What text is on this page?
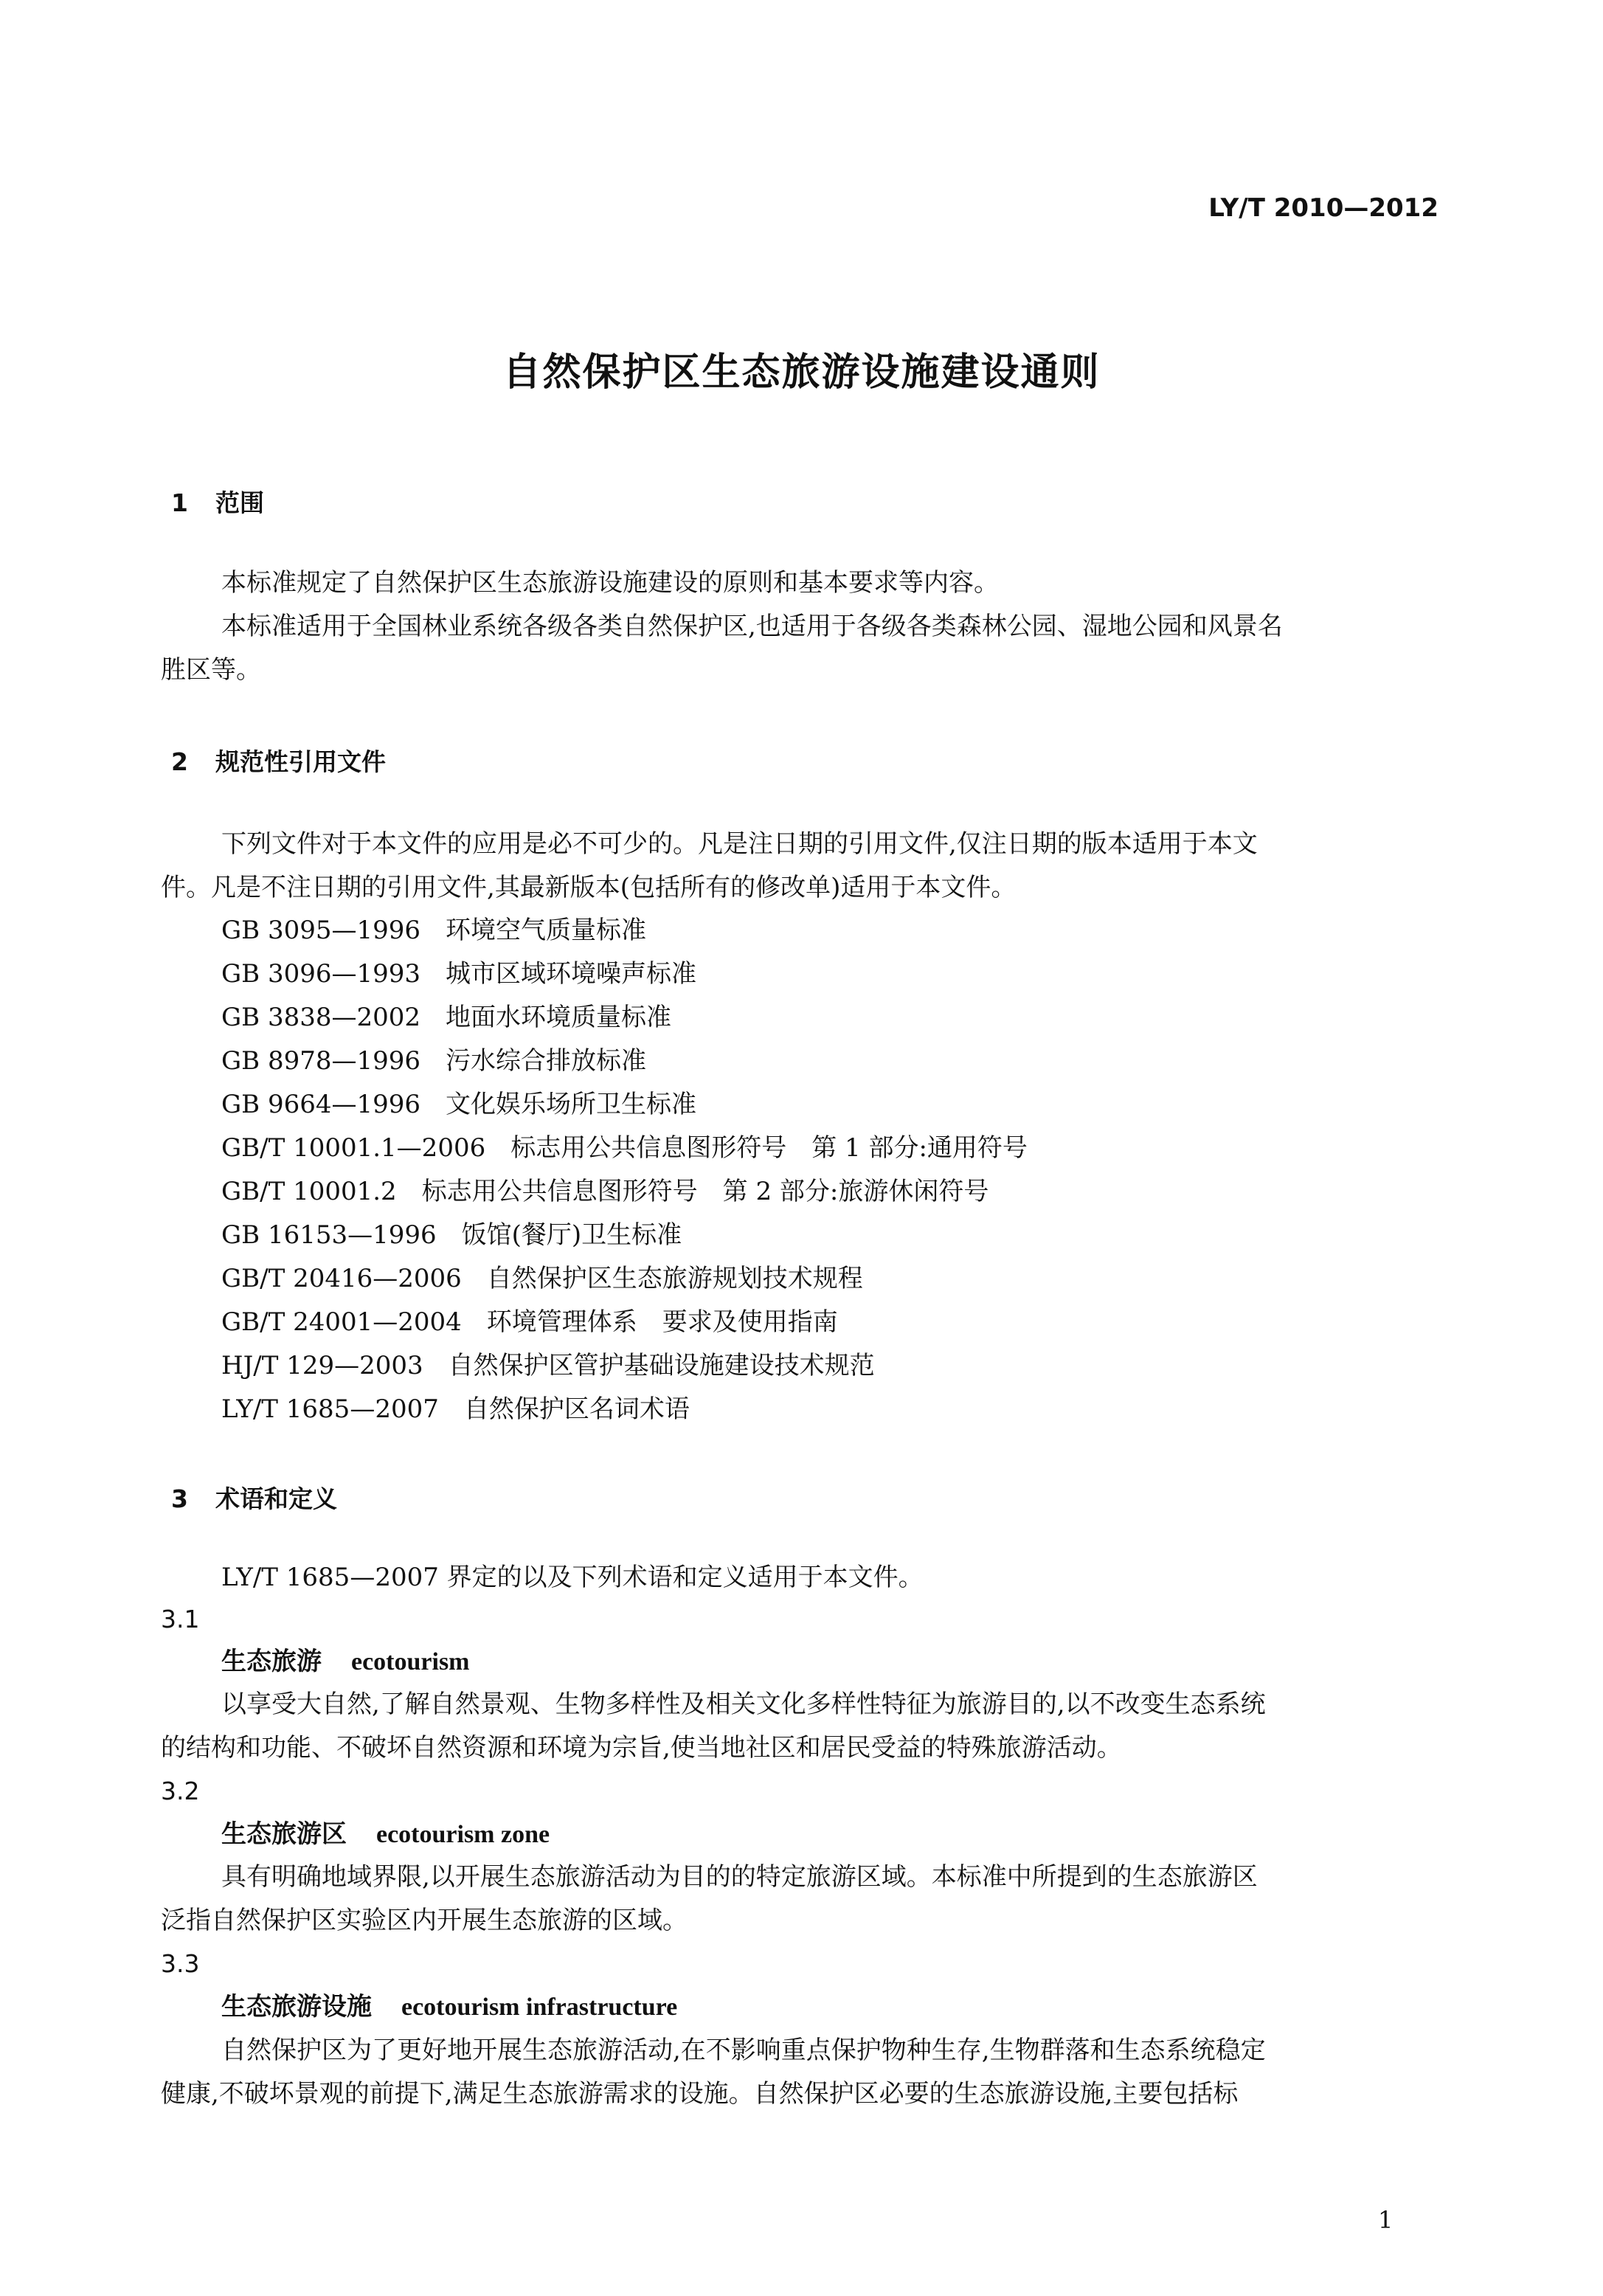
LY/T 2010—2012
自然保护区生态旅游设施建设通则
1 范围
本标准规定了自然保护区生态旅游设施建设的原则和基本要求等内容。
本标准适用于全国林业系统各级各类自然保护区,也适用于各级各类森林公园、湿地公园和风景名
胜区等。
2 规范性引用文件
下列文件对于本文件的应用是必不可少的。凡是注日期的引用文件,仅注日期的版本适用于本文
件。凡是不注日期的引用文件,其最新版本(包括所有的修改单)适用于本文件。
GB 3095—1996 环境空气质量标准
GB 3096—1993 城市区域环境噪声标准
GB 3838—2002 地面水环境质量标准
GB 8978—1996 污水综合排放标准
GB 9664—1996 文化娱乐场所卫生标准
GB/T 10001.1—2006 标志用公共信息图形符号　第 1 部分:通用符号
GB/T 10001.2 标志用公共信息图形符号　第 2 部分:旅游休闲符号
GB 16153—1996 饭馆(餐厅)卫生标准
GB/T 20416—2006 自然保护区生态旅游规划技术规程
GB/T 24001—2004 环境管理体系　要求及使用指南
HJ/T 129—2003 自然保护区管护基础设施建设技术规范
LY/T 1685—2007 自然保护区名词术语
3 术语和定义
LY/T 1685—2007 界定的以及下列术语和定义适用于本文件。
3.1
生态旅游 ecotourism
以享受大自然,了解自然景观、生物多样性及相关文化多样性特征为旅游目的,以不改变生态系统
的结构和功能、不破坏自然资源和环境为宗旨,使当地社区和居民受益的特殊旅游活动。
3.2
生态旅游区 ecotourism zone
具有明确地域界限,以开展生态旅游活动为目的的特定旅游区域。本标准中所提到的生态旅游区
泛指自然保护区实验区内开展生态旅游的区域。
3.3
生态旅游设施 ecotourism infrastructure
自然保护区为了更好地开展生态旅游活动,在不影响重点保护物种生存,生物群落和生态系统稳定
健康,不破坏景观的前提下,满足生态旅游需求的设施。自然保护区必要的生态旅游设施,主要包括标
1
